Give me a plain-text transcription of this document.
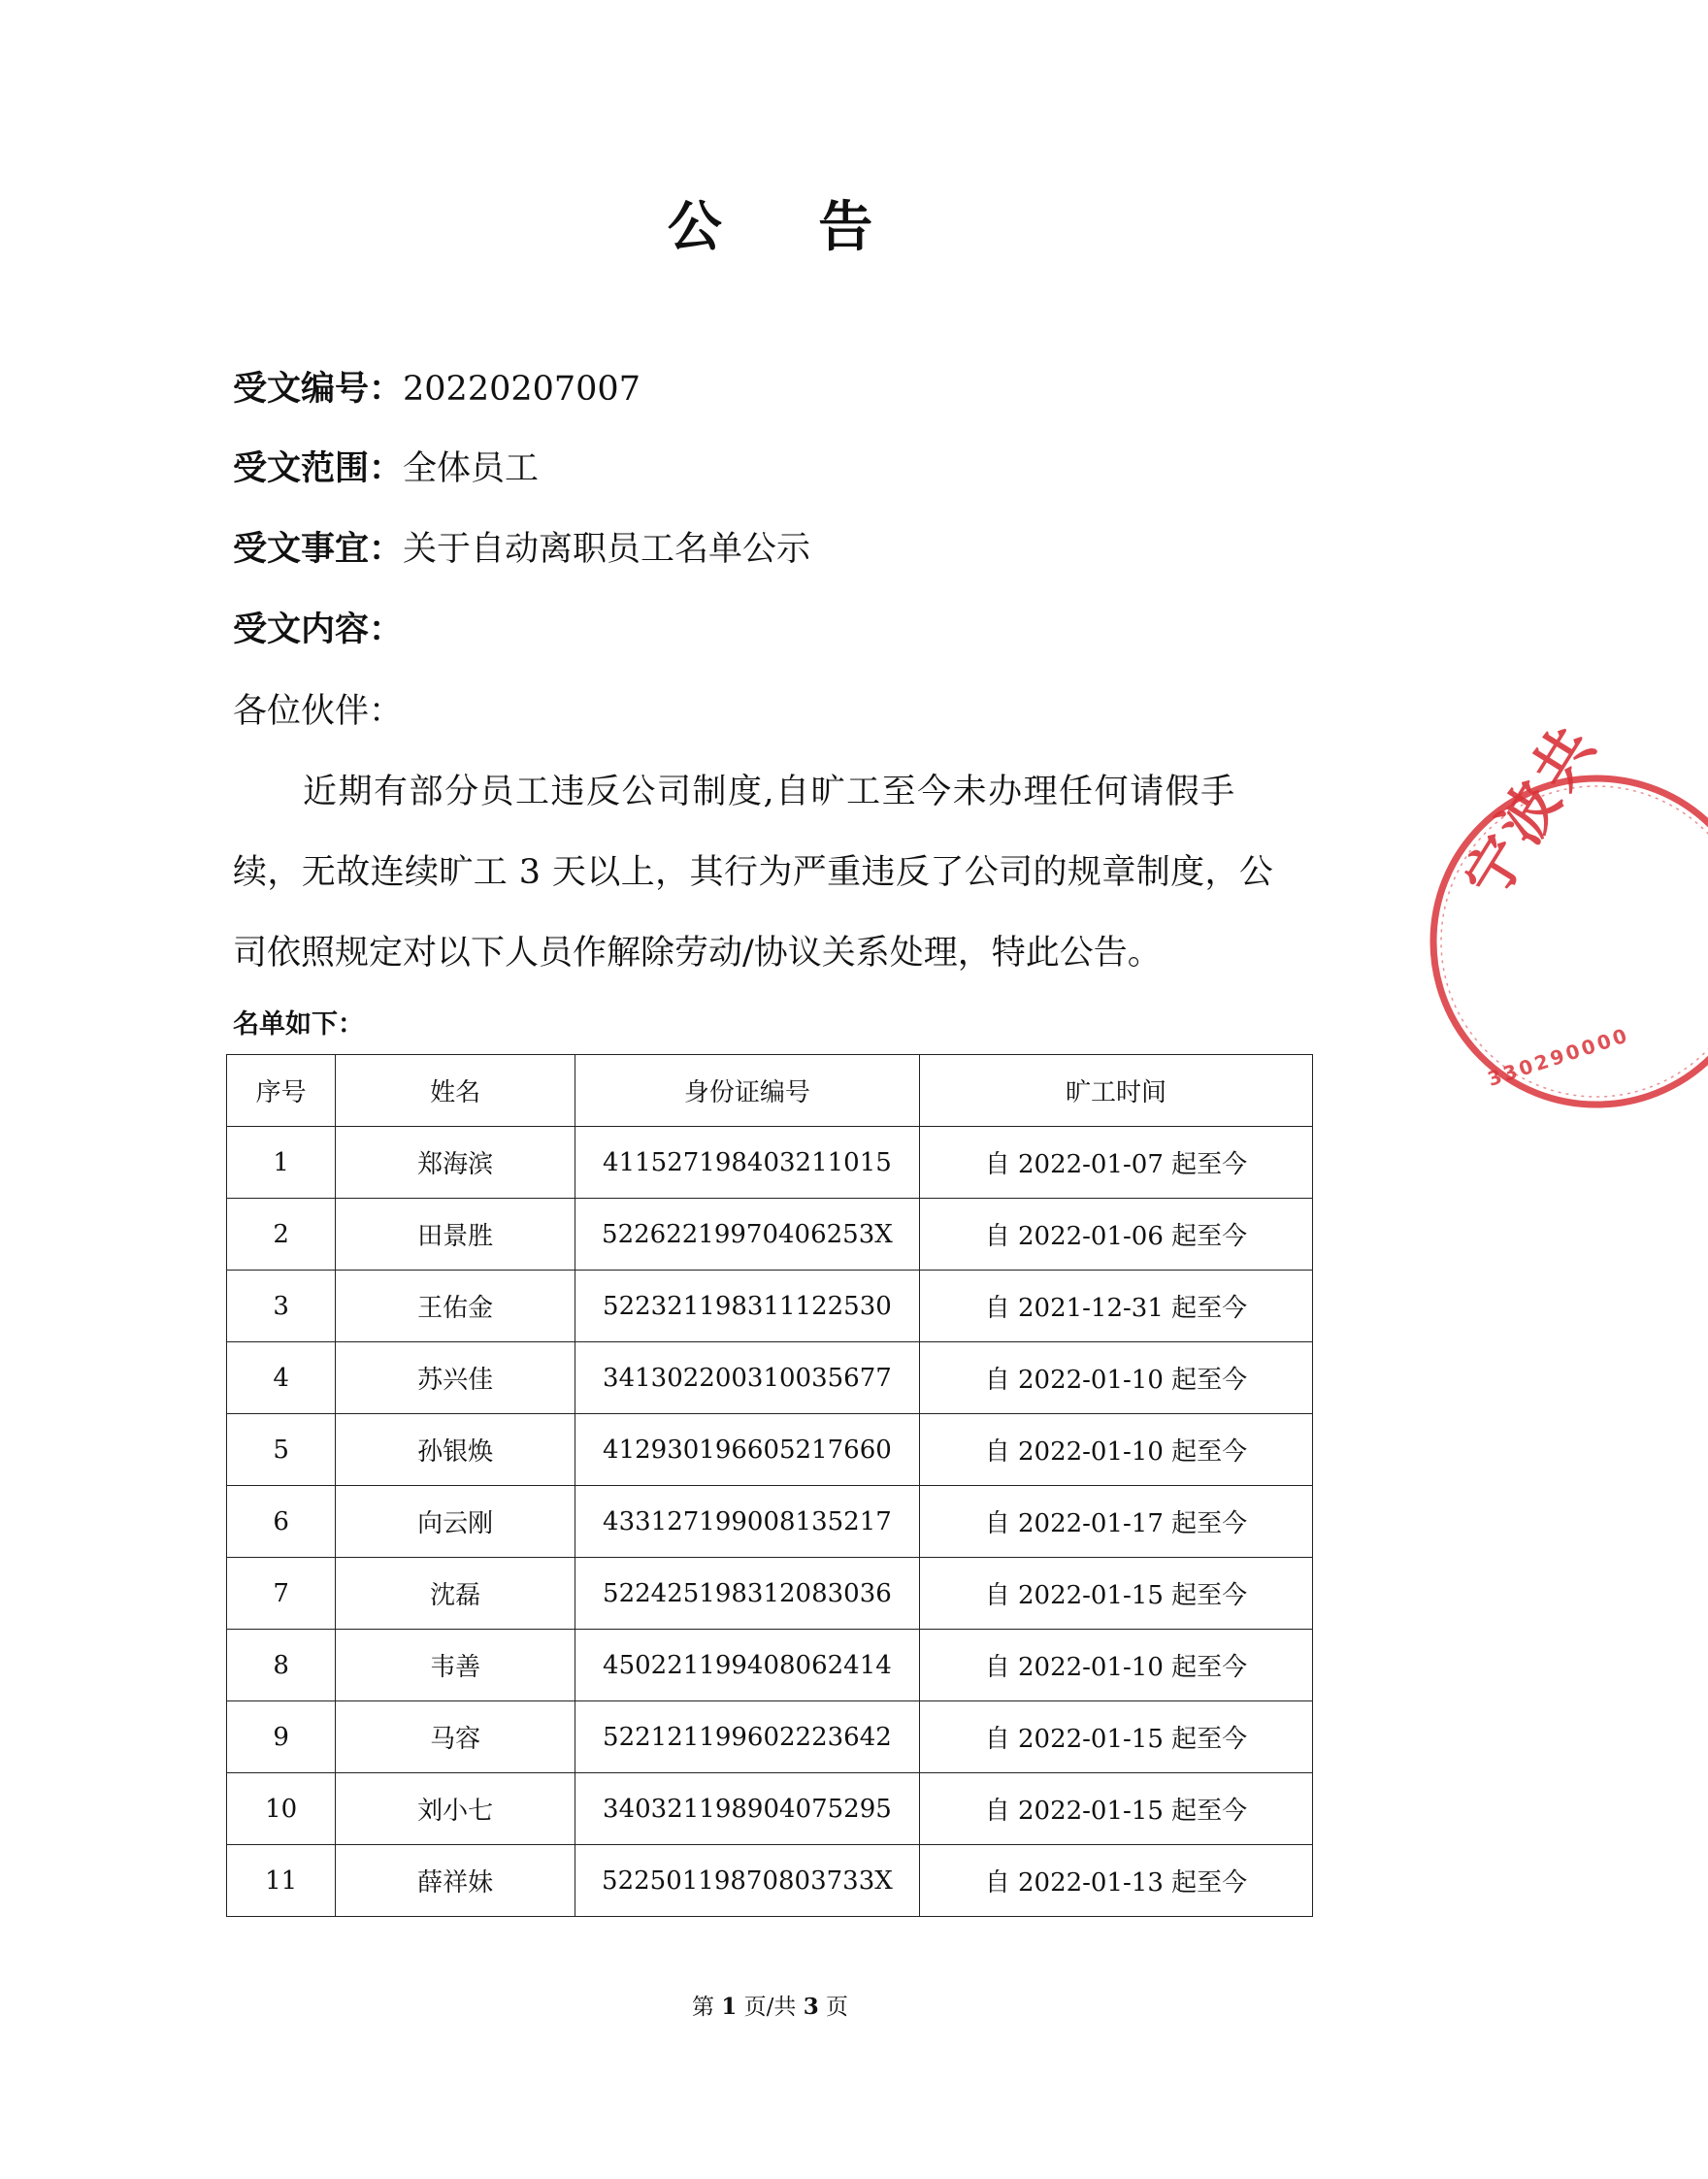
公 告
受文编号：20220207007
受文范围：全体员工
受文事宜：关于自动离职员工名单公示
受文内容：
各位伙伴：
近期有部分员工违反公司制度,自旷工至今未办理任何请假手
续，无故连续旷工 3 天以上，其行为严重违反了公司的规章制度，公
司依照规定对以下人员作解除劳动/协议关系处理，特此公告。
名单如下：
序号	姓名	身份证编号	旷工时间
1	郑海滨	411527198403211015	自 2022-01-07 起至今
2	田景胜	52262219970406253X	自 2022-01-06 起至今
3	王佑金	522321198311122530	自 2021-12-31 起至今
4	苏兴佳	341302200310035677	自 2022-01-10 起至今
5	孙银焕	412930196605217660	自 2022-01-10 起至今
6	向云刚	433127199008135217	自 2022-01-17 起至今
7	沈磊	522425198312083036	自 2022-01-15 起至今
8	韦善	450221199408062414	自 2022-01-10 起至今
9	马容	522121199602223642	自 2022-01-15 起至今
10	刘小七	340321198904075295	自 2022-01-15 起至今
11	薛祥妹	52250119870803733X	自 2022-01-13 起至今
第 1 页/共 3 页
宁波共
330290000
